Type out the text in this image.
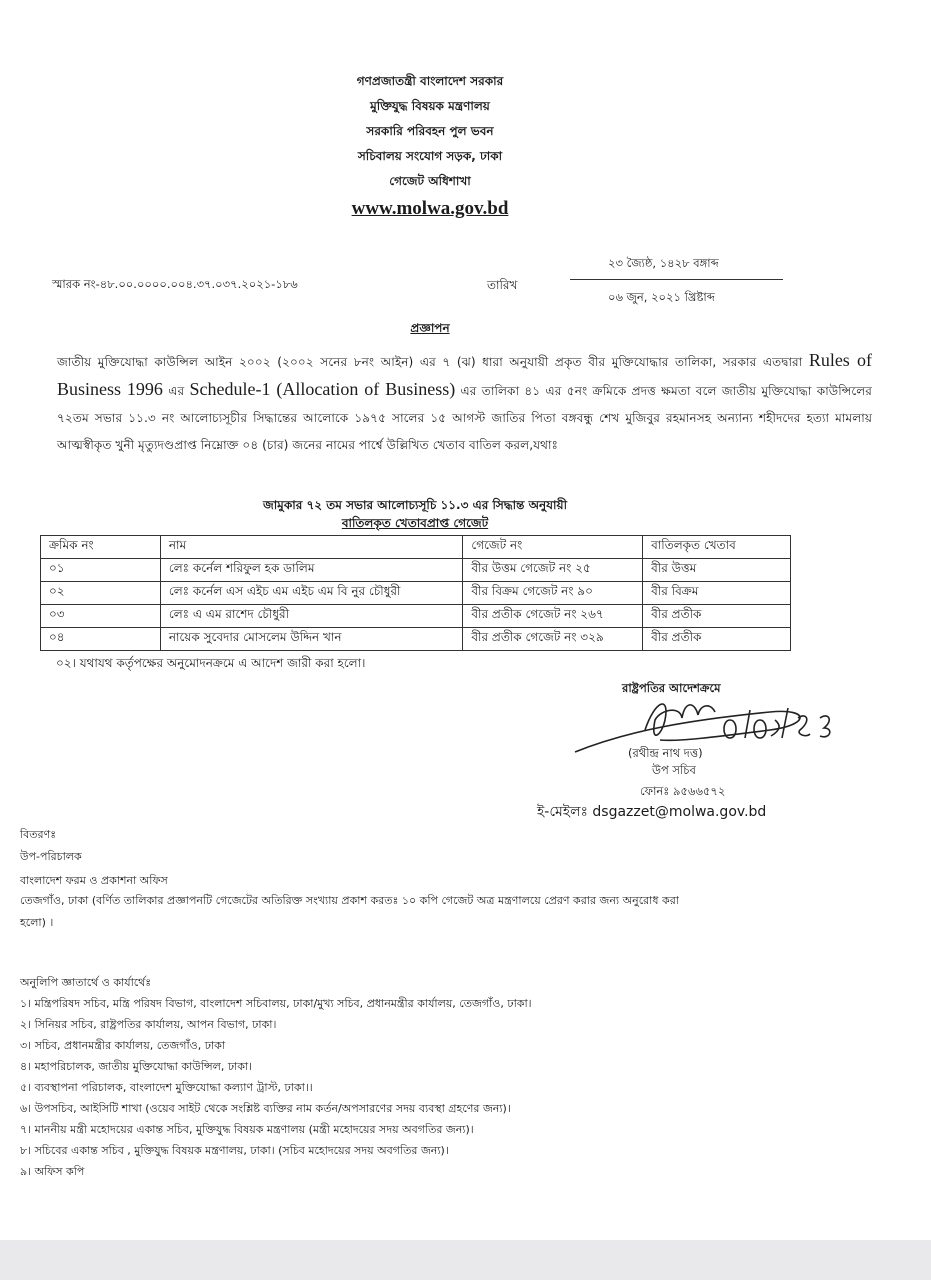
গণপ্রজাতন্ত্রী বাংলাদেশ সরকার
মুক্তিযুদ্ধ বিষয়ক মন্ত্রণালয়
সরকারি পরিবহন পুল ভবন
সচিবালয় সংযোগ সড়ক, ঢাকা
গেজেট অধিশাখা
www.molwa.gov.bd
স্মারক নং-৪৮.০০.০০০০.০০৪.৩৭.০৩৭.২০২১-১৮৬	তারিখ
২৩ জ্যৈষ্ঠ, ১৪২৮ বঙ্গাব্দ
০৬ জুন, ২০২১ খ্রিষ্টাব্দ
প্রজ্ঞাপন
জাতীয় মুক্তিযোদ্ধা কাউন্সিল আইন ২০০২ (২০০২ সনের ৮নং আইন) এর ৭ (ঝ) ধারা অনুযায়ী প্রকৃত বীর মুক্তিযোদ্ধার তালিকা, সরকার এতদ্বারা Rules of Business 1996 এর Schedule-1 (Allocation of Business) এর তালিকা ৪১ এর ৫নং ক্রমিকে প্রদত্ত ক্ষমতা বলে জাতীয় মুক্তিযোদ্ধা কাউন্সিলের ৭২তম সভার ১১.৩ নং আলোচ্যসূচীর সিদ্ধান্তের আলোকে ১৯৭৫ সালের ১৫ আগস্ট জাতির পিতা বঙ্গবন্ধু শেখ মুজিবুর রহমানসহ অন্যান্য শহীদদের হত্যা মামলায় আত্মস্বীকৃত খুনী মৃত্যুদণ্ডপ্রাপ্ত নিম্নোক্ত ০৪ (চার) জনের নামের পার্শ্বে উল্লিখিত খেতাব বাতিল করল,যথাঃ
জামুকার ৭২ তম সভার আলোচ্যসূচি ১১.৩ এর সিদ্ধান্ত অনুযায়ী
বাতিলকৃত খেতাবপ্রাপ্ত গেজেট
ক্রমিক নং	নাম	গেজেট নং	বাতিলকৃত খেতাব
০১	লেঃ কর্নেল শরিফুল হক ডালিম	বীর উত্তম গেজেট নং ২৫	বীর উত্তম
০২	লেঃ কর্নেল এস এইচ এম এইচ এম বি নুর চৌধুরী	বীর বিক্রম গেজেট নং ৯০	বীর বিক্রম
০৩	লেঃ এ এম রাশেদ চৌধুরী	বীর প্রতীক গেজেট নং ২৬৭	বীর প্রতীক
০৪	নায়েক সুবেদার মোসলেম উদ্দিন খান	বীর প্রতীক গেজেট নং ৩২৯	বীর প্রতীক
০২। যথাযথ কর্তৃপক্ষের অনুমোদনক্রমে এ আদেশ জারী করা হলো।
রাষ্ট্রপতির আদেশক্রমে
(রথীন্দ্র নাথ দত্ত)
উপ সচিব
ফোনঃ ৯৫৬৬৫৭২
ই-মেইলঃ dsgazzet@molwa.gov.bd
বিতরণঃ
উপ-পরিচালক
বাংলাদেশ ফরম ও প্রকাশনা অফিস
তেজগাঁও, ঢাকা (বর্ণিত তালিকার প্রজ্ঞাপনটি গেজেটের অতিরিক্ত সংখ্যায় প্রকাশ করতঃ ১০ কপি গেজেট অত্র মন্ত্রণালয়ে প্রেরণ করার জন্য অনুরোধ করা
হলো) ।
অনুলিপি জ্ঞাতার্থে ও কার্যার্থেঃ
১। মন্ত্রিপরিষদ সচিব, মন্ত্রি পরিষদ বিভাগ, বাংলাদেশ সচিবালয়, ঢাকা/মুখ্য সচিব, প্রধানমন্ত্রীর কার্যালয়, তেজগাঁও, ঢাকা।
২। সিনিয়র সচিব, রাষ্ট্রপতির কার্যালয়, আপন বিভাগ, ঢাকা।
৩। সচিব, প্রধানমন্ত্রীর কার্যালয়, তেজগাঁও, ঢাকা
৪। মহাপরিচালক, জাতীয় মুক্তিযোদ্ধা কাউন্সিল, ঢাকা।
৫। ব্যবস্থাপনা পরিচালক, বাংলাদেশ মুক্তিযোদ্ধা কল্যাণ ট্রাস্ট, ঢাকা।।
৬। উপসচিব, আইসিটি শাখা (ওয়েব সাইট থেকে সংশ্লিষ্ট ব্যক্তির নাম কর্তন/অপসারণের সদয় ব্যবস্থা গ্রহণের জন্য)।
৭। মাননীয় মন্ত্রী মহোদয়ের একান্ত সচিব, মুক্তিযুদ্ধ বিষয়ক মন্ত্রণালয় (মন্ত্রী মহোদয়ের সদয় অবগতির জন্য)।
৮। সচিবের একান্ত সচিব , মুক্তিযুদ্ধ বিষয়ক মন্ত্রণালয়, ঢাকা। (সচিব মহোদয়ের সদয় অবগতির জন্য)।
৯। অফিস কপি
